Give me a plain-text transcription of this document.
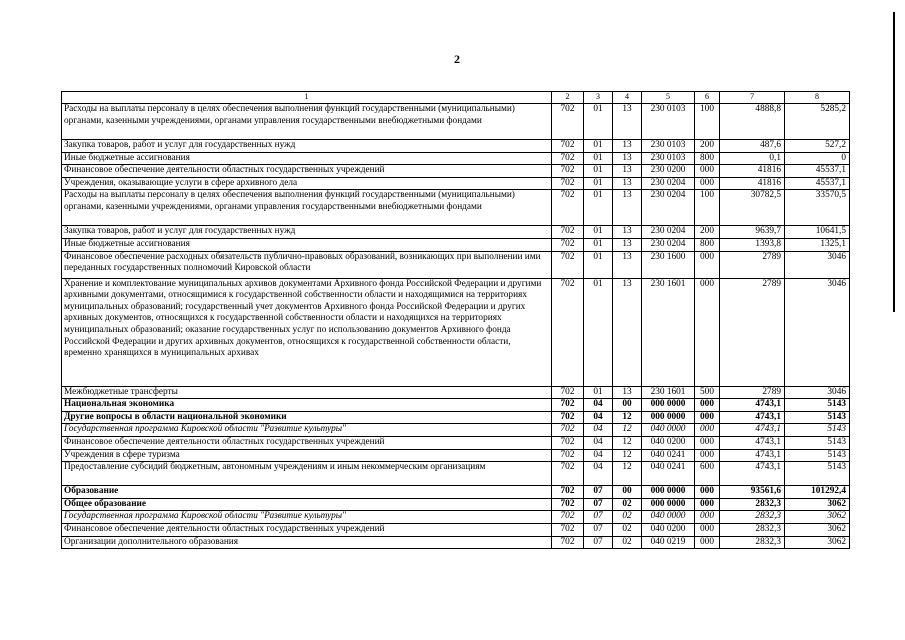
2
1	2	3	4	5	6	7	8
Расходы на выплаты персоналу в целях обеспечения выполнения функций государственными (муниципальными) органами, казенными учреждениями, органами управления государственными внебюджетными фондами	702	01	13	230 0103	100	4888,8	5285,2
Закупка товаров, работ и услуг для государственных нужд	702	01	13	230 0103	200	487,6	527,2
Иные бюджетные ассигнования	702	01	13	230 0103	800	0,1	0
Финансовое обеспечение деятельности областных государственных учреждений	702	01	13	230 0200	000	41816	45537,1
Учреждения, оказывающие услуги в сфере архивного дела	702	01	13	230 0204	000	41816	45537,1
Расходы на выплаты персоналу в целях обеспечения выполнения функций государственными (муниципальными) органами, казенными учреждениями, органами управления государственными внебюджетными фондами	702	01	13	230 0204	100	30782,5	33570,5
Закупка товаров, работ и услуг для государственных нужд	702	01	13	230 0204	200	9639,7	10641,5
Иные бюджетные ассигнования	702	01	13	230 0204	800	1393,8	1325,1
Финансовое обеспечение расходных обязательств публично-правовых образований, возникающих при выполнении ими переданных государственных полномочий Кировской области	702	01	13	230 1600	000	2789	3046
Хранение и комплектование муниципальных архивов документами Архивного фонда Российской Федерации и другими архивными документами, относящимися к государственной собственности области и находящимися на территориях муниципальных образований; государственный учет документов Архивного фонда Российской Федерации и других архивных документов, относящихся к государственной собственности области и находящихся на территориях муниципальных образований; оказание государственных услуг по использованию документов Архивного фонда Российской Федерации и других архивных документов, относящихся к государственной собственности области, временно хранящихся в муниципальных архивах	702	01	13	230 1601	000	2789	3046
Межбюджетные трансферты	702	01	13	230 1601	500	2789	3046
Национальная экономика	702	04	00	000 0000	000	4743,1	5143
Другие вопросы в области национальной экономики	702	04	12	000 0000	000	4743,1	5143
Государственная программа Кировской области "Развитие культуры"	702	04	12	040 0000	000	4743,1	5143
Финансовое обеспечение деятельности областных государственных учреждений	702	04	12	040 0200	000	4743,1	5143
Учреждения в сфере туризма	702	04	12	040 0241	000	4743,1	5143
Предоставление субсидий бюджетным, автономным учреждениям и иным некоммерческим организациям	702	04	12	040 0241	600	4743,1	5143
Образование	702	07	00	000 0000	000	93561,6	101292,4
Общее образование	702	07	02	000 0000	000	2832,3	3062
Государственная программа Кировской области "Развитие культуры"	702	07	02	040 0000	000	2832,3	3062
Финансовое обеспечение деятельности областных государственных учреждений	702	07	02	040 0200	000	2832,3	3062
Организации дополнительного образования	702	07	02	040 0219	000	2832,3	3062
